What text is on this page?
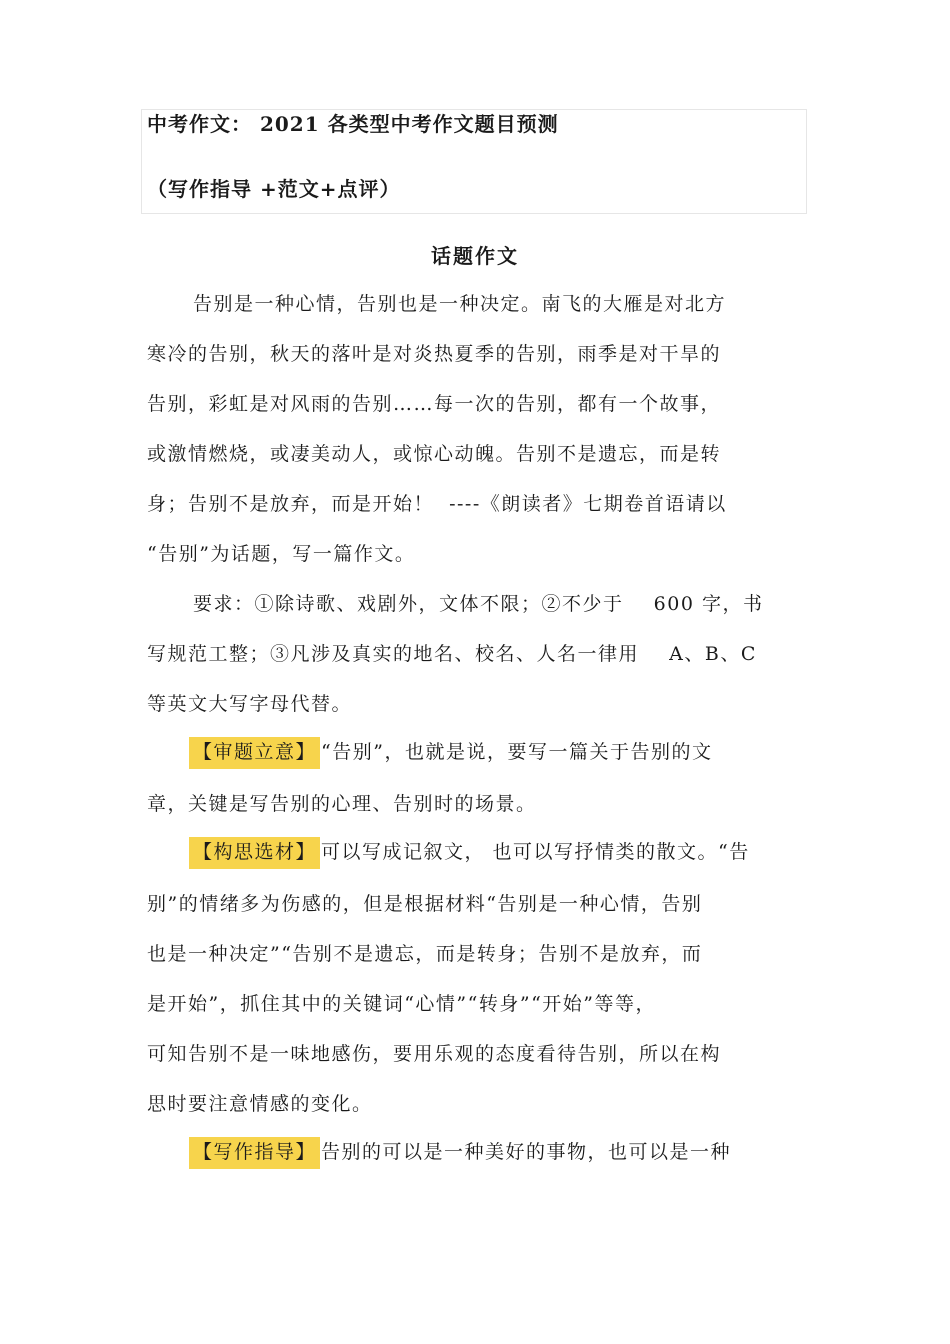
中考作文： 2021 各类型中考作文题目预测
（写作指导 +范文+点评）
话题作文
告别是一种心情，告别也是一种决定。南飞的大雁是对北方
寒冷的告别，秋天的落叶是对炎热夏季的告别，雨季是对干旱的
告别，彩虹是对风雨的告别……每一次的告别，都有一个故事，
或激情燃烧，或凄美动人，或惊心动魄。告别不是遗忘，而是转
身；告别不是放弃，而是开始！  ----《朗读者》七期卷首语请以
“告别”为话题，写一篇作文。
要求：①除诗歌、戏剧外，文体不限；②不少于    600 字，书
写规范工整；③凡涉及真实的地名、校名、人名一律用    A、B、C
等英文大写字母代替。
【审题立意】 “告别”，也就是说，要写一篇关于告别的文
章，关键是写告别的心理、告别时的场景。
【构思选材】 可以写成记叙文， 也可以写抒情类的散文。“告
别”的情绪多为伤感的，但是根据材料“告别是一种心情，告别
也是一种决定”“告别不是遗忘，而是转身；告别不是放弃，而
是开始”，抓住其中的关键词“心情”“转身”“开始”等等，
可知告别不是一味地感伤，要用乐观的态度看待告别，所以在构
思时要注意情感的变化。
【写作指导】 告别的可以是一种美好的事物，也可以是一种
